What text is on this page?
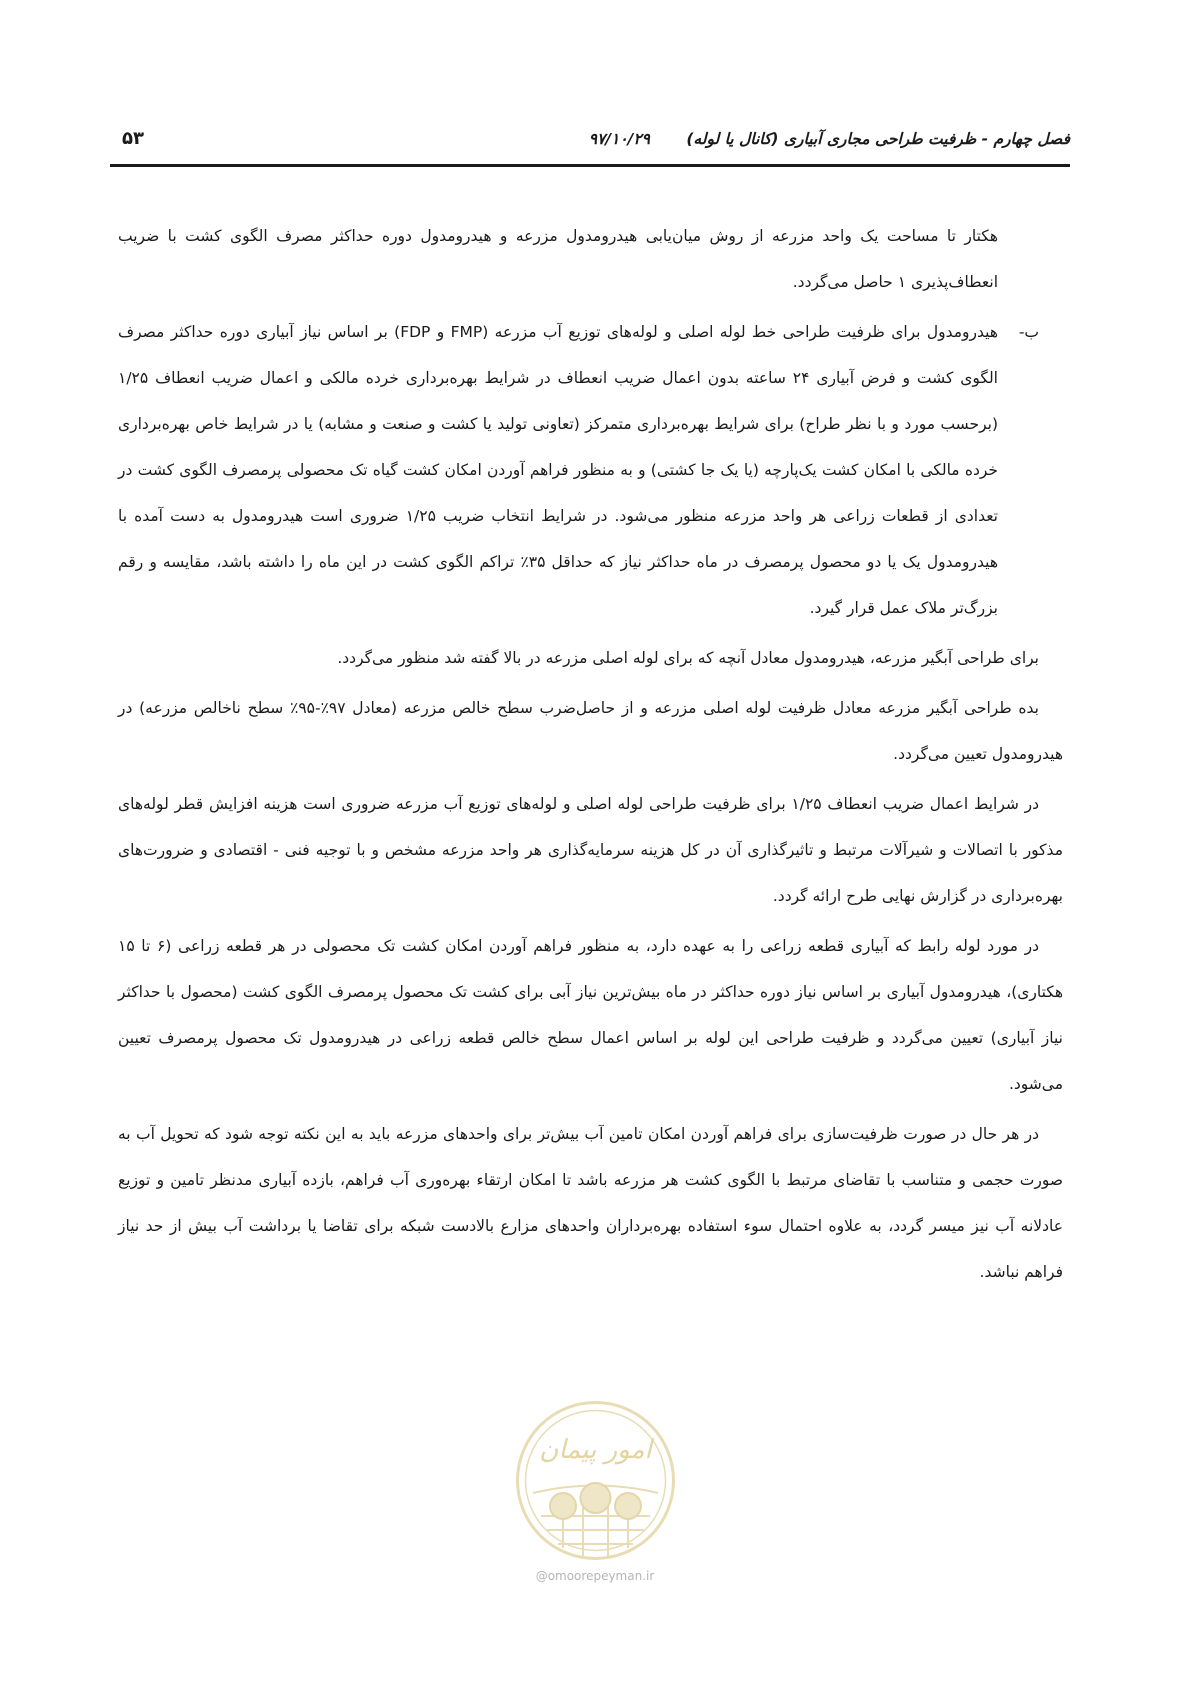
فصل چهارم - ظرفیت طراحی مجاری آبیاری (کانال یا لوله)
۹۷/۱۰/۲۹
۵۳

هکتار تا مساحت یک واحد مزرعه از روش میان‌یابی هیدرومدول مزرعه و هیدرومدول دوره حداکثر مصرف الگوی کشت با ضریب انعطاف‌پذیری ۱ حاصل می‌گردد.

ب-
هیدرومدول برای ظرفیت طراحی خط لوله اصلی و لوله‌های توزیع آب مزرعه (FMP و FDP) بر اساس نیاز آبیاری دوره حداکثر مصرف الگوی کشت و فرض آبیاری ۲۴ ساعته بدون اعمال ضریب انعطاف در شرایط بهره‌برداری خرده مالکی و اعمال ضریب انعطاف ۱/۲۵ (برحسب مورد و با نظر طراح) برای شرایط بهره‌برداری متمرکز (تعاونی تولید یا کشت و صنعت و مشابه) یا در شرایط خاص بهره‌برداری خرده مالکی با امکان کشت یک‌پارچه (یا یک جا کشتی) و به منظور فراهم آوردن امکان کشت گیاه تک محصولی پرمصرف الگوی کشت در تعدادی از قطعات زراعی هر واحد مزرعه منظور می‌شود. در شرایط انتخاب ضریب ۱/۲۵ ضروری است هیدرومدول به دست آمده با هیدرومدول یک یا دو محصول پرمصرف در ماه حداکثر نیاز که حداقل ۳۵٪ تراکم الگوی کشت در این ماه را داشته باشد، مقایسه و رقم بزرگ‌تر ملاک عمل قرار گیرد.

برای طراحی آبگیر مزرعه، هیدرومدول معادل آنچه که برای لوله اصلی مزرعه در بالا گفته شد منظور می‌گردد.

بده طراحی آبگیر مزرعه معادل ظرفیت لوله اصلی مزرعه و از حاصل‌ضرب سطح خالص مزرعه (معادل ۹۷٪-۹۵٪ سطح ناخالص مزرعه) در هیدرومدول تعیین می‌گردد.

در شرایط اعمال ضریب انعطاف ۱/۲۵ برای ظرفیت طراحی لوله اصلی و لوله‌های توزیع آب مزرعه ضروری است هزینه افزایش قطر لوله‌های مذکور با اتصالات و شیرآلات مرتبط و تاثیرگذاری آن در کل هزینه سرمایه‌گذاری هر واحد مزرعه مشخص و با توجیه فنی - اقتصادی و ضرورت‌های بهره‌برداری در گزارش نهایی طرح ارائه گردد.

در مورد لوله رابط که آبیاری قطعه زراعی را به عهده دارد، به منظور فراهم آوردن امکان کشت تک محصولی در هر قطعه زراعی (۶ تا ۱۵ هکتاری)، هیدرومدول آبیاری بر اساس نیاز دوره حداکثر در ماه بیش‌ترین نیاز آبی برای کشت تک محصول پرمصرف الگوی کشت (محصول با حداکثر نیاز آبیاری) تعیین می‌گردد و ظرفیت طراحی این لوله بر اساس اعمال سطح خالص قطعه زراعی در هیدرومدول تک محصول پرمصرف تعیین می‌شود.

در هر حال در صورت ظرفیت‌سازی برای فراهم آوردن امکان تامین آب بیش‌تر برای واحدهای مزرعه باید به این نکته توجه شود که تحویل آب به صورت حجمی و متناسب با تقاضای مرتبط با الگوی کشت هر مزرعه باشد تا امکان ارتقاء بهره‌وری آب فراهم، بازده آبیاری مدنظر تامین و توزیع عادلانه آب نیز میسر گردد، به علاوه احتمال سوء استفاده بهره‌برداران واحدهای مزارع بالادست شبکه برای تقاضا یا برداشت آب بیش از حد نیاز فراهم نباشد.

امور پیمان
@omoorepeyman.ir
